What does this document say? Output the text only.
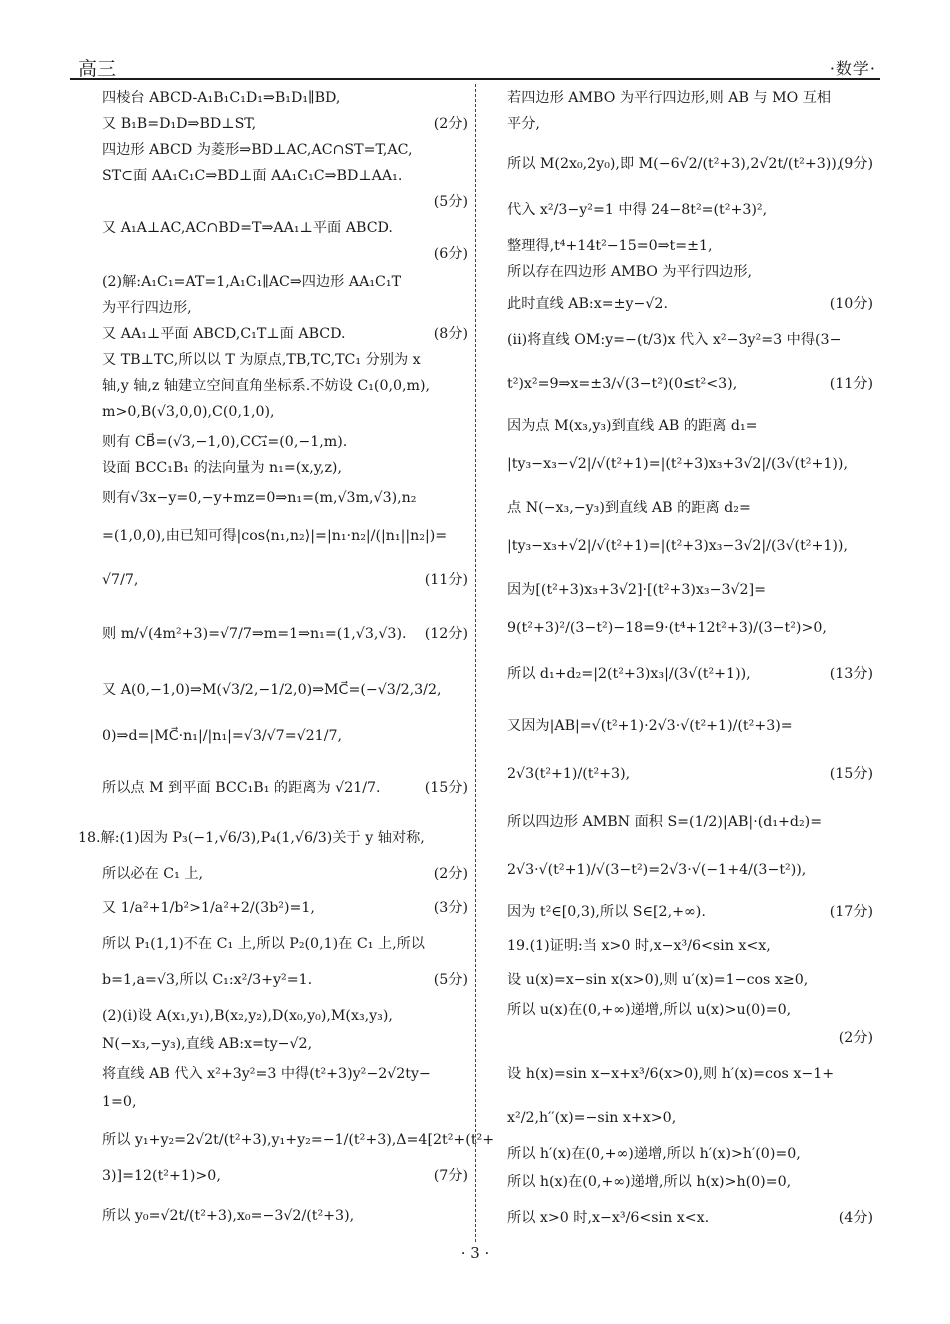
高三	·数学·
四棱台 ABCD-A₁B₁C₁D₁⇒B₁D₁∥BD,
又 B₁B=D₁D⇒BD⊥ST,	(2分)
四边形 ABCD 为菱形⇒BD⊥AC,AC∩ST=T,AC,
ST⊂面 AA₁C₁C⇒BD⊥面 AA₁C₁C⇒BD⊥AA₁.
(5分)
又 A₁A⊥AC,AC∩BD=T⇒AA₁⊥平面 ABCD.
(6分)
(2)解:A₁C₁=AT=1,A₁C₁∥AC⇒四边形 AA₁C₁T
为平行四边形,
又 AA₁⊥平面 ABCD,C₁T⊥面 ABCD.	(8分)
又 TB⊥TC,所以以 T 为原点,TB,TC,TC₁ 分别为 x
轴,y 轴,z 轴建立空间直角坐标系.不妨设 C₁(0,0,m),
m>0,B(√3,0,0),C(0,1,0),
则有 CB⃗=(√3,−1,0),CC₁⃗=(0,−1,m).
设面 BCC₁B₁ 的法向量为 n₁=(x,y,z),
则有√3x−y=0,−y+mz=0⇒n₁=(m,√3m,√3),n₂
=(1,0,0),由已知可得|cos⟨n₁,n₂⟩|=|n₁·n₂|/(|n₁||n₂|)=
√7/7,	(11分)
则 m/√(4m²+3)=√7/7⇒m=1⇒n₁=(1,√3,√3). (12分)
又 A(0,−1,0)⇒M(√3/2,−1/2,0)⇒MC⃗=(−√3/2,3/2,
0)⇒d=|MC⃗·n₁|/|n₁|=√3/√7=√21/7,
所以点 M 到平面 BCC₁B₁ 的距离为 √21/7.	(15分)
18.解:(1)因为 P₃(−1,√6/3),P₄(1,√6/3)关于 y 轴对称,
所以必在 C₁ 上,	(2分)
又 1/a²+1/b²>1/a²+2/(3b²)=1,	(3分)
所以 P₁(1,1)不在 C₁ 上,所以 P₂(0,1)在 C₁ 上,所以
b=1,a=√3,所以 C₁:x²/3+y²=1.	(5分)
(2)(i)设 A(x₁,y₁),B(x₂,y₂),D(x₀,y₀),M(x₃,y₃),
N(−x₃,−y₃),直线 AB:x=ty−√2,
将直线 AB 代入 x²+3y²=3 中得(t²+3)y²−2√2ty−
1=0,
所以 y₁+y₂=2√2t/(t²+3),y₁+y₂=−1/(t²+3),Δ=4[2t²+(t²+
3)]=12(t²+1)>0,	(7分)
所以 y₀=√2t/(t²+3),x₀=−3√2/(t²+3),
若四边形 AMBO 为平行四边形,则 AB 与 MO 互相
平分,
所以 M(2x₀,2y₀),即 M(−6√2/(t²+3),2√2t/(t²+3)),
(9分)
代入 x²/3−y²=1 中得 24−8t²=(t²+3)²,
整理得,t⁴+14t²−15=0⇒t=±1,
所以存在四边形 AMBO 为平行四边形,
此时直线 AB:x=±y−√2.	(10分)
(ii)将直线 OM:y=−(t/3)x 代入 x²−3y²=3 中得(3−
t²)x²=9⇒x=±3/√(3−t²)(0≤t²<3),	(11分)
因为点 M(x₃,y₃)到直线 AB 的距离 d₁=
|ty₃−x₃−√2|/√(t²+1)=|(t²+3)x₃+3√2|/(3√(t²+1)),
点 N(−x₃,−y₃)到直线 AB 的距离 d₂=
|ty₃−x₃+√2|/√(t²+1)=|(t²+3)x₃−3√2|/(3√(t²+1)),
因为[(t²+3)x₃+3√2]·[(t²+3)x₃−3√2]=
9(t²+3)²/(3−t²)−18=9·(t⁴+12t²+3)/(3−t²)>0,
所以 d₁+d₂=|2(t²+3)x₃|/(3√(t²+1)),	(13分)
又因为|AB|=√(t²+1)·2√3·√(t²+1)/(t²+3)=
2√3(t²+1)/(t²+3),	(15分)
所以四边形 AMBN 面积 S=(1/2)|AB|·(d₁+d₂)=
2√3·√(t²+1)/√(3−t²)=2√3·√(−1+4/(3−t²)),
因为 t²∈[0,3),所以 S∈[2,+∞).	(17分)
19.(1)证明:当 x>0 时,x−x³/6<sin x<x,
设 u(x)=x−sin x(x>0),则 u′(x)=1−cos x≥0,
所以 u(x)在(0,+∞)递增,所以 u(x)>u(0)=0,
(2分)
设 h(x)=sin x−x+x³/6(x>0),则 h′(x)=cos x−1+
x²/2,h′′(x)=−sin x+x>0,
所以 h′(x)在(0,+∞)递增,所以 h′(x)>h′(0)=0,
所以 h(x)在(0,+∞)递增,所以 h(x)>h(0)=0,
所以 x>0 时,x−x³/6<sin x<x.	(4分)
· 3 ·
